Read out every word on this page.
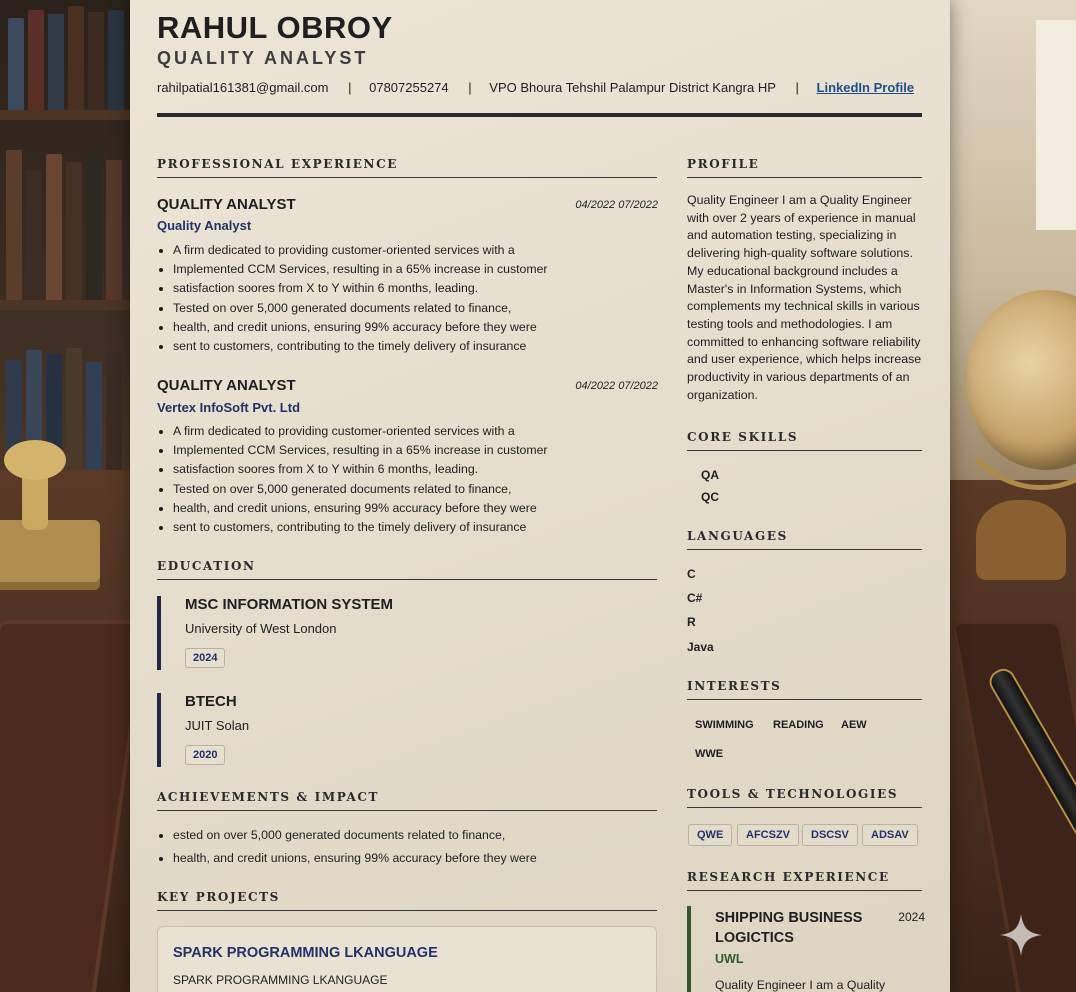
RAHUL OBROY
QUALITY ANALYST
rahilpatial161381@gmail.com | 07807255274 | VPO Bhoura Tehshil Palampur District Kangra HP | LinkedIn Profile
PROFESSIONAL EXPERIENCE
QUALITY ANALYST	04/2022 07/2022
Quality Analyst
• A firm dedicated to providing customer-oriented services with a
• Implemented CCM Services, resulting in a 65% increase in customer
• satisfaction soores from X to Y within 6 months, leading.
• Tested on over 5,000 generated documents related to finance,
• health, and credit unions, ensuring 99% accuracy before they were
• sent to customers, contributing to the timely delivery of insurance
QUALITY ANALYST	04/2022 07/2022
Vertex InfoSoft Pvt. Ltd
• A firm dedicated to providing customer-oriented services with a
• Implemented CCM Services, resulting in a 65% increase in customer
• satisfaction soores from X to Y within 6 months, leading.
• Tested on over 5,000 generated documents related to finance,
• health, and credit unions, ensuring 99% accuracy before they were
• sent to customers, contributing to the timely delivery of insurance
EDUCATION
MSC INFORMATION SYSTEM
University of West London
2024
BTECH
JUIT Solan
2020
ACHIEVEMENTS & IMPACT
• ested on over 5,000 generated documents related to finance,
• health, and credit unions, ensuring 99% accuracy before they were
KEY PROJECTS
SPARK PROGRAMMING LKANGUAGE
SPARK PROGRAMMING LKANGUAGE
PROFILE

Quality Engineer I am a Quality Engineer with over 2 years of experience in manual and automation testing, specializing in delivering high-quality software solutions. My educational background includes a Master's in Information Systems, which complements my technical skills in various testing tools and methodologies. I am committed to enhancing software reliability and user experience, which helps increase productivity in various departments of an organization.

CORE SKILLS
QA
QC
LANGUAGES
C
C#
R
Java
INTERESTS
SWIMMING READING AEW
WWE
TOOLS & TECHNOLOGIES
QWE	AFCSZV	DSCSV	ADSAV
RESEARCH EXPERIENCE
SHIPPING BUSINESS LOGICTICS
2024
UWL
Quality Engineer I am a Quality
